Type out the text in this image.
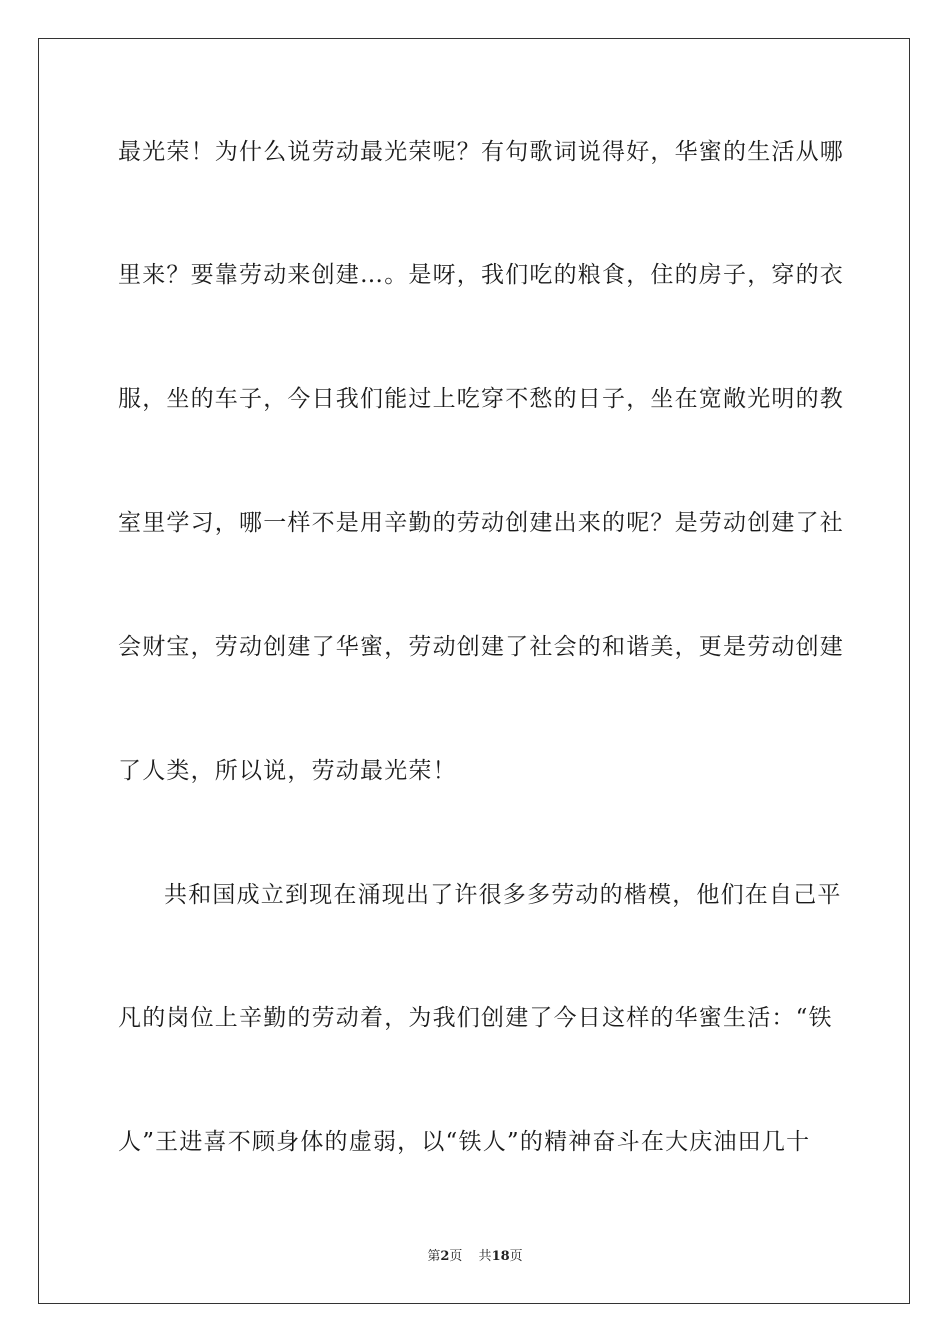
最光荣！为什么说劳动最光荣呢？有句歌词说得好，华蜜的生活从哪
里来？要靠劳动来创建…。是呀，我们吃的粮食，住的房子，穿的衣
服，坐的车子，今日我们能过上吃穿不愁的日子，坐在宽敞光明的教
室里学习，哪一样不是用辛勤的劳动创建出来的呢？是劳动创建了社
会财宝，劳动创建了华蜜，劳动创建了社会的和谐美，更是劳动创建
了人类，所以说，劳动最光荣！
共和国成立到现在涌现出了许很多多劳动的楷模，他们在自己平
凡的岗位上辛勤的劳动着，为我们创建了今日这样的华蜜生活：“铁
人”王进喜不顾身体的虚弱，以“铁人”的精神奋斗在大庆油田几十
第2页 共18页
